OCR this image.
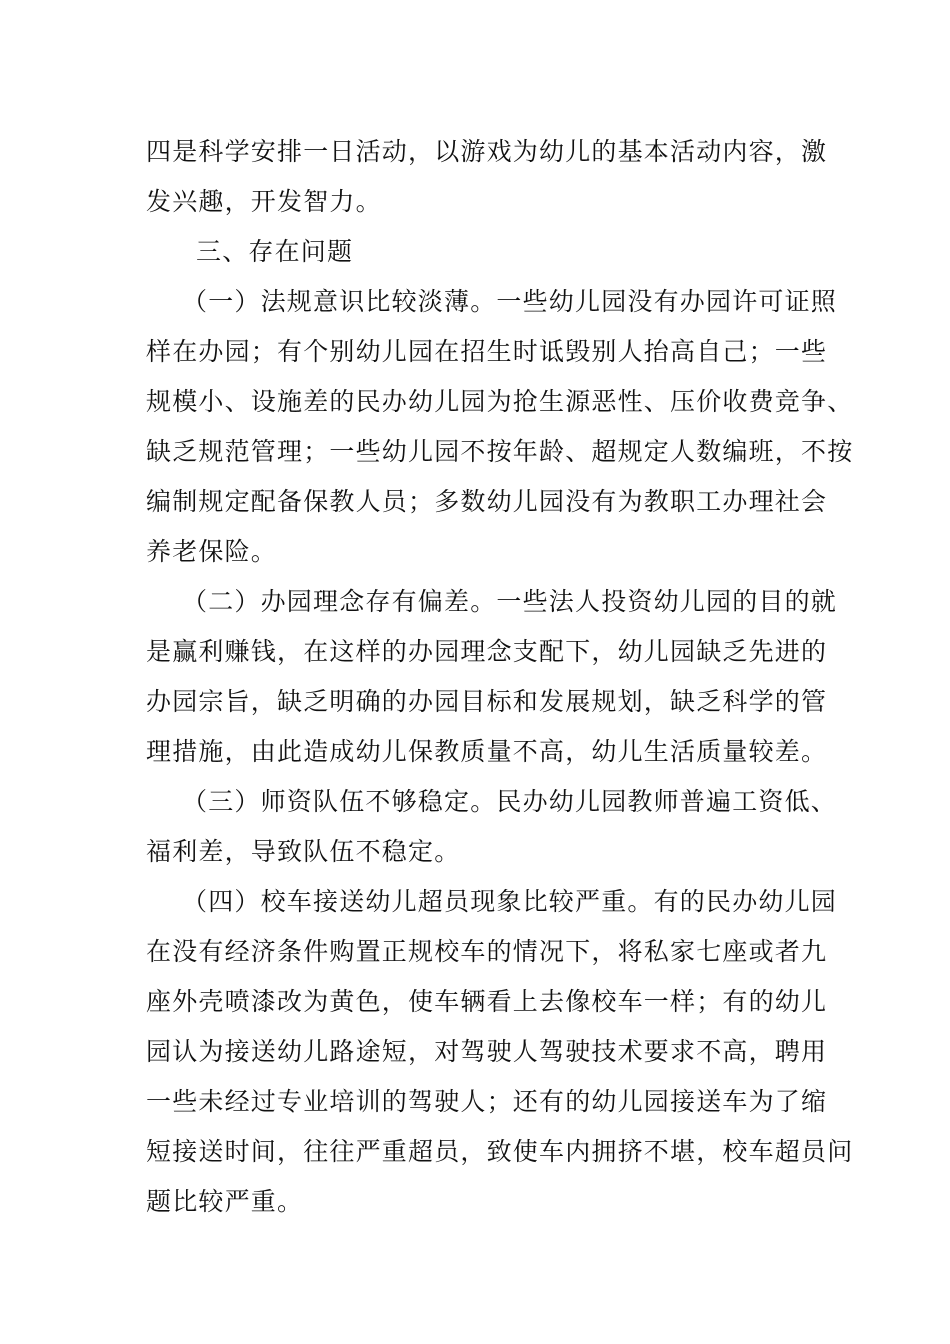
四是科学安排一日活动，以游戏为幼儿的基本活动内容，激
发兴趣，开发智力。
三、存在问题
（一）法规意识比较淡薄。一些幼儿园没有办园许可证照
样在办园；有个别幼儿园在招生时诋毁别人抬高自己；一些
规模小、设施差的民办幼儿园为抢生源恶性、压价收费竞争、
缺乏规范管理；一些幼儿园不按年龄、超规定人数编班，不按
编制规定配备保教人员；多数幼儿园没有为教职工办理社会
养老保险。
（二）办园理念存有偏差。一些法人投资幼儿园的目的就
是赢利赚钱，在这样的办园理念支配下，幼儿园缺乏先进的
办园宗旨，缺乏明确的办园目标和发展规划，缺乏科学的管
理措施，由此造成幼儿保教质量不高，幼儿生活质量较差。
（三）师资队伍不够稳定。民办幼儿园教师普遍工资低、
福利差，导致队伍不稳定。
（四）校车接送幼儿超员现象比较严重。有的民办幼儿园
在没有经济条件购置正规校车的情况下，将私家七座或者九
座外壳喷漆改为黄色，使车辆看上去像校车一样；有的幼儿
园认为接送幼儿路途短，对驾驶人驾驶技术要求不高，聘用
一些未经过专业培训的驾驶人；还有的幼儿园接送车为了缩
短接送时间，往往严重超员，致使车内拥挤不堪，校车超员问
题比较严重。
